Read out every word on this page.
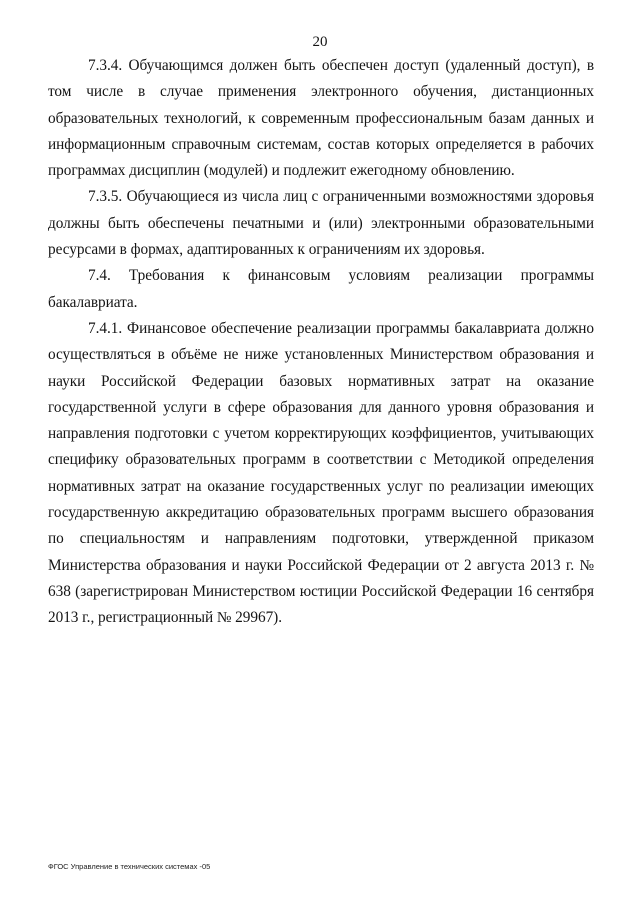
20

7.3.4. Обучающимся должен быть обеспечен доступ (удаленный доступ), в том числе в случае применения электронного обучения, дистанционных образовательных технологий, к современным профессиональным базам данных и информационным справочным системам, состав которых определяется в рабочих программах дисциплин (модулей) и подлежит ежегодному обновлению.

7.3.5. Обучающиеся из числа лиц с ограниченными возможностями здоровья должны быть обеспечены печатными и (или) электронными образовательными ресурсами в формах, адаптированных к ограничениям их здоровья.

7.4. Требования к финансовым условиям реализации программы бакалавриата.

7.4.1. Финансовое обеспечение реализации программы бакалавриата должно осуществляться в объёме не ниже установленных Министерством образования и науки Российской Федерации базовых нормативных затрат на оказание государственной услуги в сфере образования для данного уровня образования и направления подготовки с учетом корректирующих коэффициентов, учитывающих специфику образовательных программ в соответствии с Методикой определения нормативных затрат на оказание государственных услуг по реализации имеющих государственную аккредитацию образовательных программ высшего образования по специальностям и направлениям подготовки, утвержденной приказом Министерства образования и науки Российской Федерации от 2 августа 2013 г. № 638 (зарегистрирован Министерством юстиции Российской Федерации 16 сентября 2013 г., регистрационный № 29967).

ФГОС Управление в технических системах -05
